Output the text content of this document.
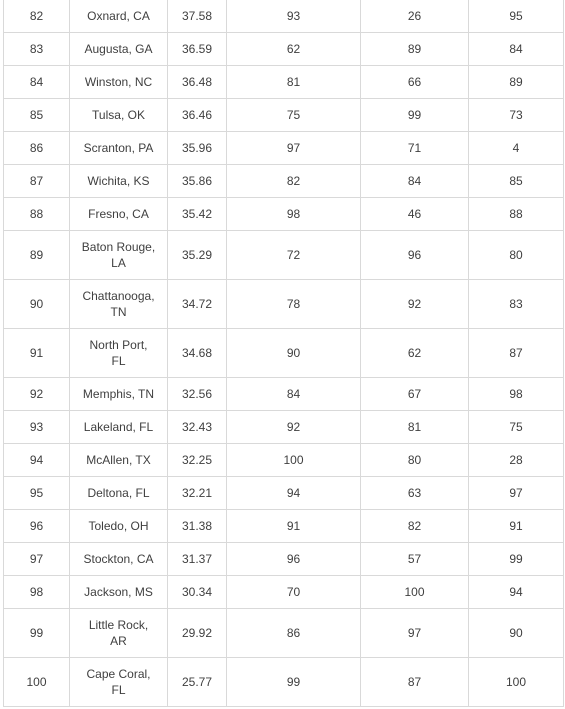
82	Oxnard, CA	37.58	93	26	95
83	Augusta, GA	36.59	62	89	84
84	Winston, NC	36.48	81	66	89
85	Tulsa, OK	36.46	75	99	73
86	Scranton, PA	35.96	97	71	4
87	Wichita, KS	35.86	82	84	85
88	Fresno, CA	35.42	98	46	88
89	Baton Rouge,
LA	35.29	72	96	80
90	Chattanooga,
TN	34.72	78	92	83
91	North Port,
FL	34.68	90	62	87
92	Memphis, TN	32.56	84	67	98
93	Lakeland, FL	32.43	92	81	75
94	McAllen, TX	32.25	100	80	28
95	Deltona, FL	32.21	94	63	97
96	Toledo, OH	31.38	91	82	91
97	Stockton, CA	31.37	96	57	99
98	Jackson, MS	30.34	70	100	94
99	Little Rock,
AR	29.92	86	97	90
100	Cape Coral,
FL	25.77	99	87	100
